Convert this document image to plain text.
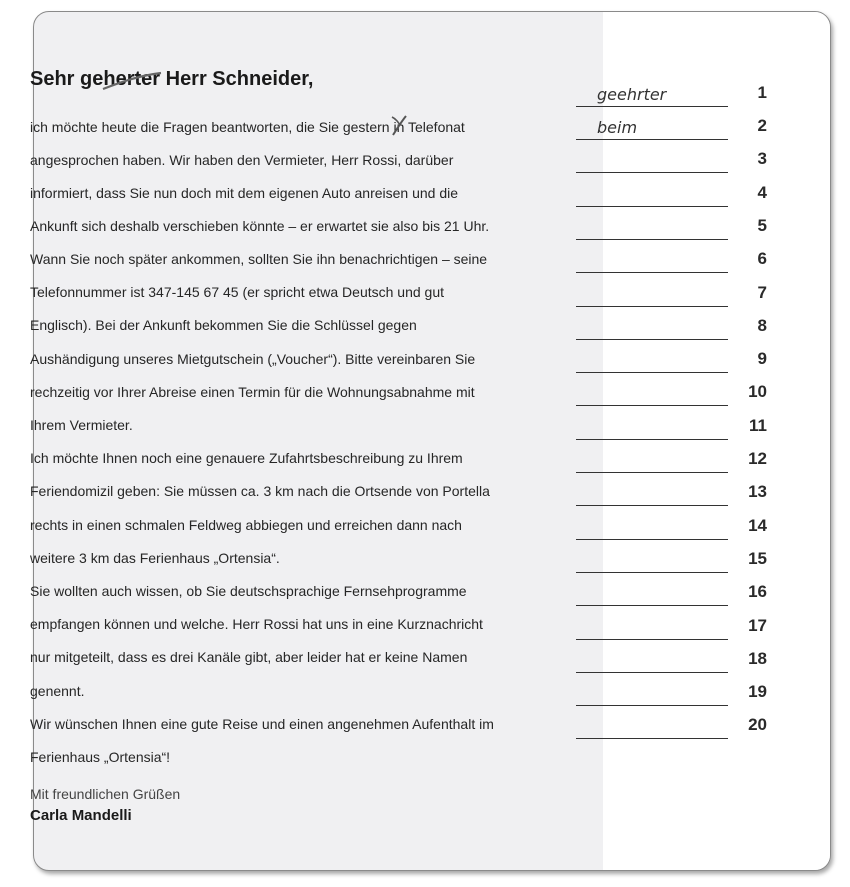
Sehr geherter
Herr Schneider,
ich möchte heute die Fragen beantworten, die Sie gestern in
Telefonat
angesprochen haben. Wir haben den Vermieter, Herr Rossi, darüber
informiert, dass Sie nun doch mit dem eigenen Auto anreisen und die
Ankunft sich deshalb verschieben könnte – er erwartet sie also bis 21 Uhr.
Wann Sie noch später ankommen, sollten Sie ihn benachrichtigen – seine
Telefonnummer ist 347-145 67 45 (er spricht etwa Deutsch und gut
Englisch). Bei der Ankunft bekommen Sie die Schlüssel gegen
Aushändigung unseres Mietgutschein („Voucher“). Bitte vereinbaren Sie
rechzeitig vor Ihrer Abreise einen Termin für die Wohnungsabnahme mit
Ihrem Vermieter.
Ich möchte Ihnen noch eine genauere Zufahrtsbeschreibung zu Ihrem
Feriendomizil geben: Sie müssen ca. 3 km nach die Ortsende von Portella
rechts in einen schmalen Feldweg abbiegen und erreichen dann nach
weitere 3 km das Ferienhaus „Ortensia“.
Sie wollten auch wissen, ob Sie deutschsprachige Fernsehprogramme
empfangen können und welche. Herr Rossi hat uns in eine Kurznachricht
nur mitgeteilt, dass es drei Kanäle gibt, aber leider hat er keine Namen
genennt.
Wir wünschen Ihnen eine gute Reise und einen angenehmen Aufenthalt im
Ferienhaus „Ortensia“!
Mit freundlichen Grüßen
Carla Mandelli
1
geehrter
2
beim
3
4
5
6
7
8
9
10
11
12
13
14
15
16
17
18
19
20
